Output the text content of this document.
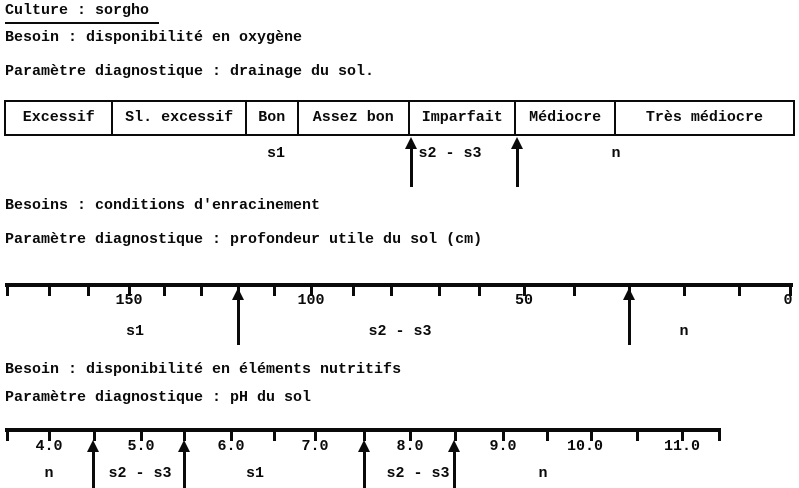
Culture : sorgho
Besoin : disponibilité en oxygène
Paramètre diagnostique : drainage du sol.
Excessif	Sl. excessif	Bon	Assez bon	Imparfait	Médiocre	Très médiocre
s1	s2 - s3	n
Besoins : conditions d'enracinement
Paramètre diagnostique : profondeur utile du sol (cm)
150	100	50	0
s1	s2 - s3	n
Besoin : disponibilité en éléments nutritifs
Paramètre diagnostique : pH du sol
4.0	5.0	6.0	7.0	8.0	9.0	10.0	11.0
n	s2 - s3	s1	s2 - s3	n
